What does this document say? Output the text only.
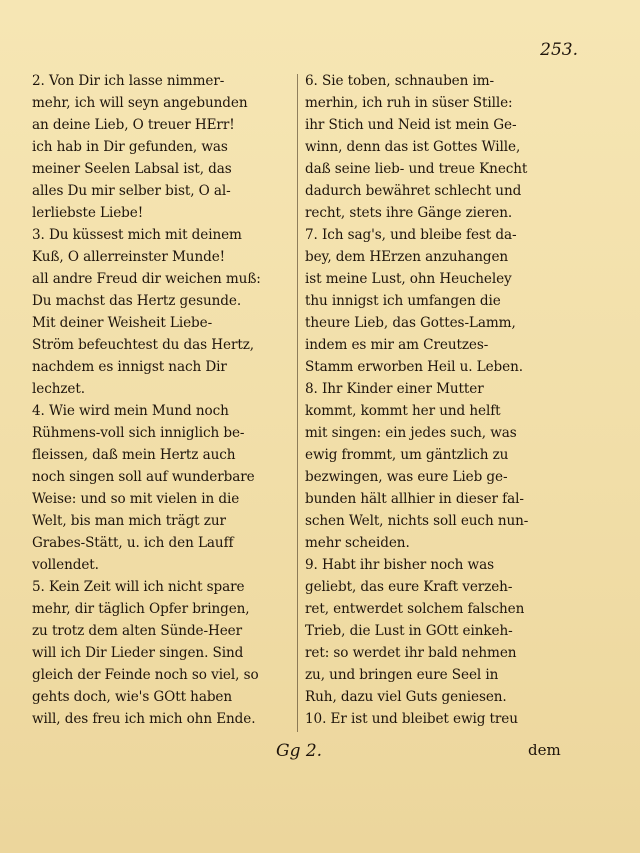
253.
2. Von Dir ich lasse nimmer-
mehr, ich will seyn angebunden
an deine Lieb, O treuer HErr!
ich hab in Dir gefunden, was
meiner Seelen Labsal ist, das
alles Du mir selber bist, O al-
lerliebste Liebe!
3. Du küssest mich mit deinem
Kuß, O allerreinster Munde!
all andre Freud dir weichen muß:
Du machst das Hertz gesunde.
Mit deiner Weisheit Liebe-
Ström befeuchtest du das Hertz,
nachdem es innigst nach Dir
lechzet.
4. Wie wird mein Mund noch
Rühmens-voll sich inniglich be-
fleissen, daß mein Hertz auch
noch singen soll auf wunderbare
Weise: und so mit vielen in die
Welt, bis man mich trägt zur
Grabes-Stätt, u. ich den Lauff
vollendet.
5. Kein Zeit will ich nicht spare
mehr, dir täglich Opfer bringen,
zu trotz dem alten Sünde-Heer
will ich Dir Lieder singen. Sind
gleich der Feinde noch so viel, so
gehts doch, wie's GOtt haben
will, des freu ich mich ohn Ende.
6. Sie toben, schnauben im-
merhin, ich ruh in süser Stille:
ihr Stich und Neid ist mein Ge-
winn, denn das ist Gottes Wille,
daß seine lieb- und treue Knecht
dadurch bewähret schlecht und
recht, stets ihre Gänge zieren.
7. Ich sag's, und bleibe fest da-
bey, dem HErzen anzuhangen
ist meine Lust, ohn Heucheley
thu innigst ich umfangen die
theure Lieb, das Gottes-Lamm,
indem es mir am Creutzes-
Stamm erworben Heil u. Leben.
8. Ihr Kinder einer Mutter
kommt, kommt her und helft
mit singen: ein jedes such, was
ewig frommt, um gäntzlich zu
bezwingen, was eure Lieb ge-
bunden hält allhier in dieser fal-
schen Welt, nichts soll euch nun-
mehr scheiden.
9. Habt ihr bisher noch was
geliebt, das eure Kraft verzeh-
ret, entwerdet solchem falschen
Trieb, die Lust in GOtt einkeh-
ret: so werdet ihr bald nehmen
zu, und bringen eure Seel in
Ruh, dazu viel Guts geniesen.
10. Er ist und bleibet ewig treu
Gg 2.	dem
